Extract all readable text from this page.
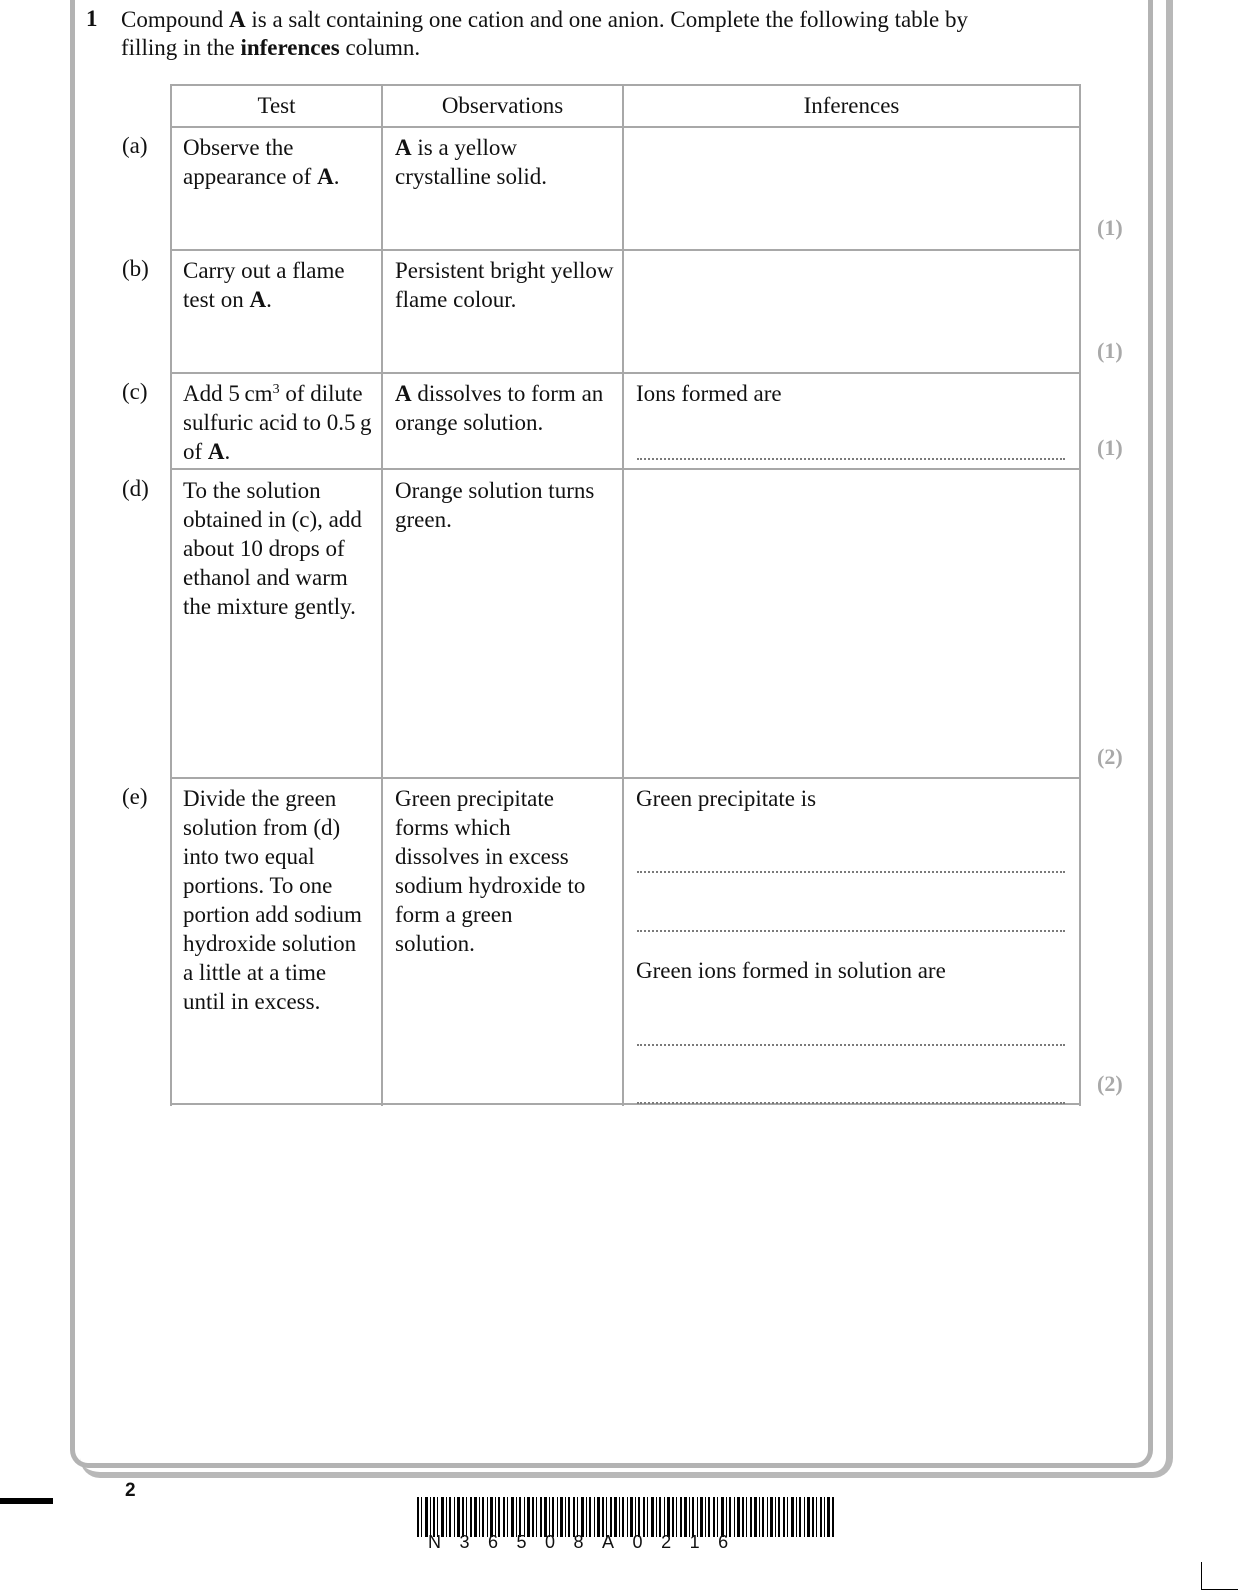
1 Compound A is a salt containing one cation and one anion. Complete the following table by filling in the inferences column.
Test	Observations	Inferences
(a) Observe the appearance of A.
A is a yellow crystalline solid.
(1)
(b) Carry out a flame test on A.
Persistent bright yellow flame colour.
(1)
(c) Add 5 $cm^3$ of dilute sulfuric acid to 0.5 g of A.
A dissolves to form an orange solution.
Ions formed are
(1)
(d) To the solution obtained in (c), add about 10 drops of ethanol and warm the mixture gently.
Orange solution turns green.
(2)
(e) Divide the green solution from (d) into two equal portions. To one portion add sodium hydroxide solution a little at a time until in excess.
Green precipitate forms which dissolves in excess sodium hydroxide to form a green solution.
Green precipitate is
Green ions formed in solution are
(2)
2
N36508A0216
